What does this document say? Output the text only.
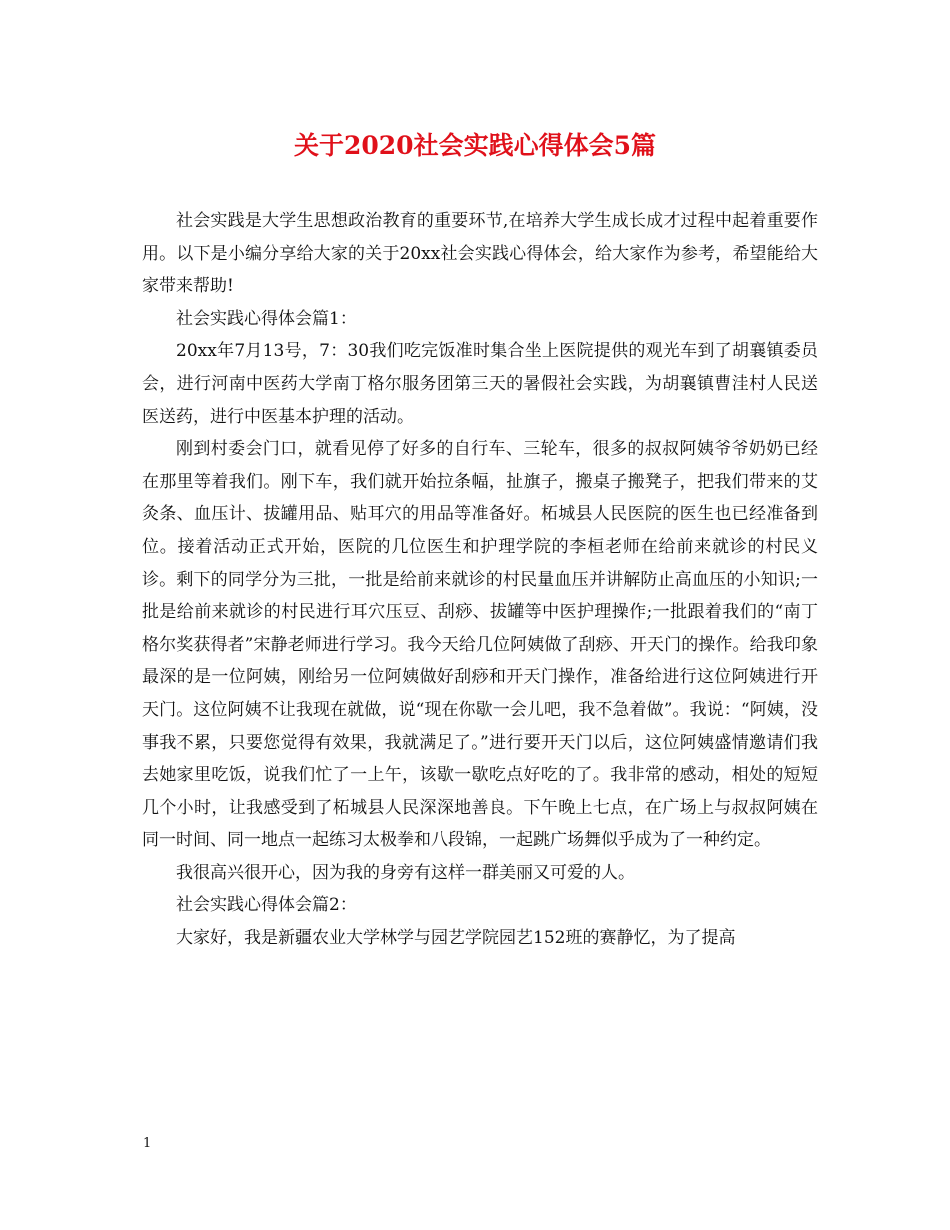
关于2020社会实践心得体会5篇

社会实践是大学生思想政治教育的重要环节,在培养大学生成长成才过程中起着重要作用。以下是小编分享给大家的关于20xx社会实践心得体会，给大家作为参考，希望能给大家带来帮助!

社会实践心得体会篇1：

20xx年7月13号，7：30我们吃完饭准时集合坐上医院提供的观光车到了胡襄镇委员会，进行河南中医药大学南丁格尔服务团第三天的暑假社会实践，为胡襄镇曹洼村人民送医送药，进行中医基本护理的活动。

刚到村委会门口，就看见停了好多的自行车、三轮车，很多的叔叔阿姨爷爷奶奶已经在那里等着我们。刚下车，我们就开始拉条幅，扯旗子，搬桌子搬凳子，把我们带来的艾灸条、血压计、拔罐用品、贴耳穴的用品等准备好。柘城县人民医院的医生也已经准备到位。接着活动正式开始，医院的几位医生和护理学院的李桓老师在给前来就诊的村民义诊。剩下的同学分为三批，一批是给前来就诊的村民量血压并讲解防止高血压的小知识;一批是给前来就诊的村民进行耳穴压豆、刮痧、拔罐等中医护理操作;一批跟着我们的“南丁格尔奖获得者”宋静老师进行学习。我今天给几位阿姨做了刮痧、开天门的操作。给我印象最深的是一位阿姨，刚给另一位阿姨做好刮痧和开天门操作，准备给进行这位阿姨进行开天门。这位阿姨不让我现在就做，说“现在你歇一会儿吧，我不急着做”。我说：“阿姨，没事我不累，只要您觉得有效果，我就满足了。”进行要开天门以后，这位阿姨盛情邀请们我去她家里吃饭，说我们忙了一上午，该歇一歇吃点好吃的了。我非常的感动，相处的短短几个小时，让我感受到了柘城县人民深深地善良。下午晚上七点，在广场上与叔叔阿姨在同一时间、同一地点一起练习太极拳和八段锦，一起跳广场舞似乎成为了一种约定。

我很高兴很开心，因为我的身旁有这样一群美丽又可爱的人。

社会实践心得体会篇2：

大家好，我是新疆农业大学林学与园艺学院园艺152班的赛静忆，为了提高

1
